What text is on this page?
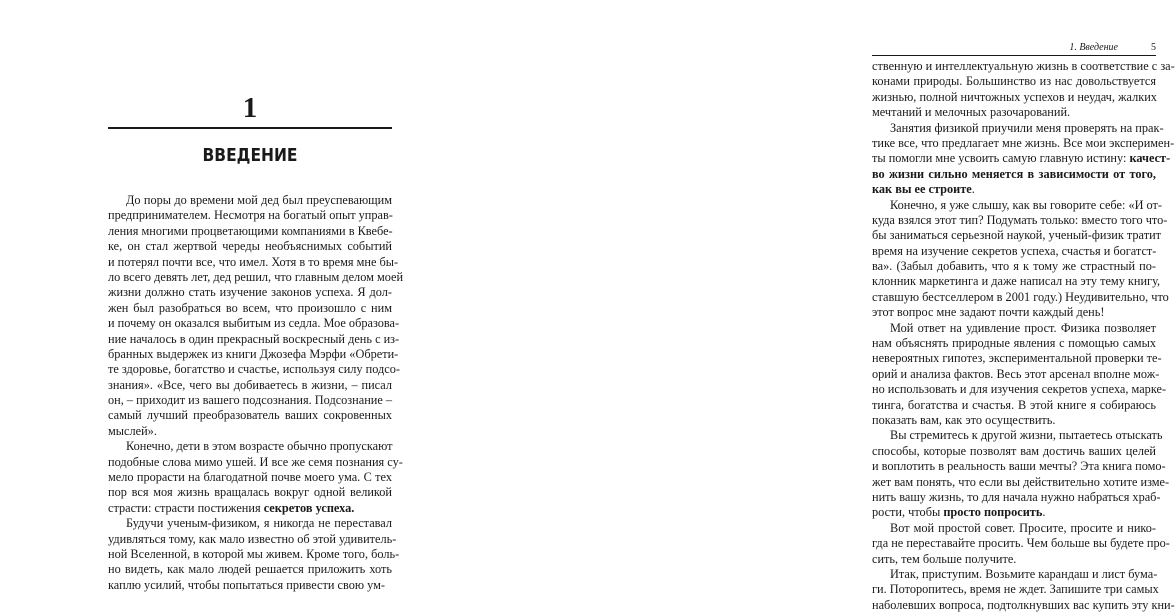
1
ВВЕДЕНИЕ
До поры до времени мой дед был преуспевающим
предпринимателем. Несмотря на богатый опыт управ-
ления многими процветающими компаниями в Квебе-
ке, он стал жертвой череды необъяснимых событий
и потерял почти все, что имел. Хотя в то время мне бы-
ло всего девять лет, дед решил, что главным делом моей
жизни должно стать изучение законов успеха. Я дол-
жен был разобраться во всем, что произошло с ним
и почему он оказался выбитым из седла. Мое образова-
ние началось в один прекрасный воскресный день с из-
бранных выдержек из книги Джозефа Мэрфи «Обрети-
те здоровье, богатство и счастье, используя силу подсо-
знания». «Все, чего вы добиваетесь в жизни, – писал
он, – приходит из вашего подсознания. Подсознание –
самый лучший преобразователь ваших сокровенных
мыслей».
Конечно, дети в этом возрасте обычно пропускают
подобные слова мимо ушей. И все же семя познания су-
мело прорасти на благодатной почве моего ума. С тех
пор вся моя жизнь вращалась вокруг одной великой
страсти: страсти постижения секретов успеха.
Будучи ученым-физиком, я никогда не переставал
удивляться тому, как мало известно об этой удивитель-
ной Вселенной, в которой мы живем. Кроме того, боль-
но видеть, как мало людей решается приложить хоть
каплю усилий, чтобы попытаться привести свою ум-
1. Введение	5
ственную и интеллектуальную жизнь в соответствие с за-
конами природы. Большинство из нас довольствуется
жизнью, полной ничтожных успехов и неудач, жалких
мечтаний и мелочных разочарований.
Занятия физикой приучили меня проверять на прак-
тике все, что предлагает мне жизнь. Все мои эксперимен-
ты помогли мне усвоить самую главную истину: качест-
во жизни сильно меняется в зависимости от того,
как вы ее строите.
Конечно, я уже слышу, как вы говорите себе: «И от-
куда взялся этот тип? Подумать только: вместо того что-
бы заниматься серьезной наукой, ученый-физик тратит
время на изучение секретов успеха, счастья и богатст-
ва». (Забыл добавить, что я к тому же страстный по-
клонник маркетинга и даже написал на эту тему книгу,
ставшую бестселлером в 2001 году.) Неудивительно, что
этот вопрос мне задают почти каждый день!
Мой ответ на удивление прост. Физика позволяет
нам объяснять природные явления с помощью самых
невероятных гипотез, экспериментальной проверки те-
орий и анализа фактов. Весь этот арсенал вполне мож-
но использовать и для изучения секретов успеха, марке-
тинга, богатства и счастья. В этой книге я собираюсь
показать вам, как это осуществить.
Вы стремитесь к другой жизни, пытаетесь отыскать
способы, которые позволят вам достичь ваших целей
и воплотить в реальность ваши мечты? Эта книга помо-
жет вам понять, что если вы действительно хотите изме-
нить вашу жизнь, то для начала нужно набраться храб-
рости, чтобы просто попросить.
Вот мой простой совет. Просите, просите и нико-
гда не переставайте просить. Чем больше вы будете про-
сить, тем больше получите.
Итак, приступим. Возьмите карандаш и лист бума-
ги. Поторопитесь, время не ждет. Запишите три самых
наболевших вопроса, подтолкнувших вас купить эту кни-
